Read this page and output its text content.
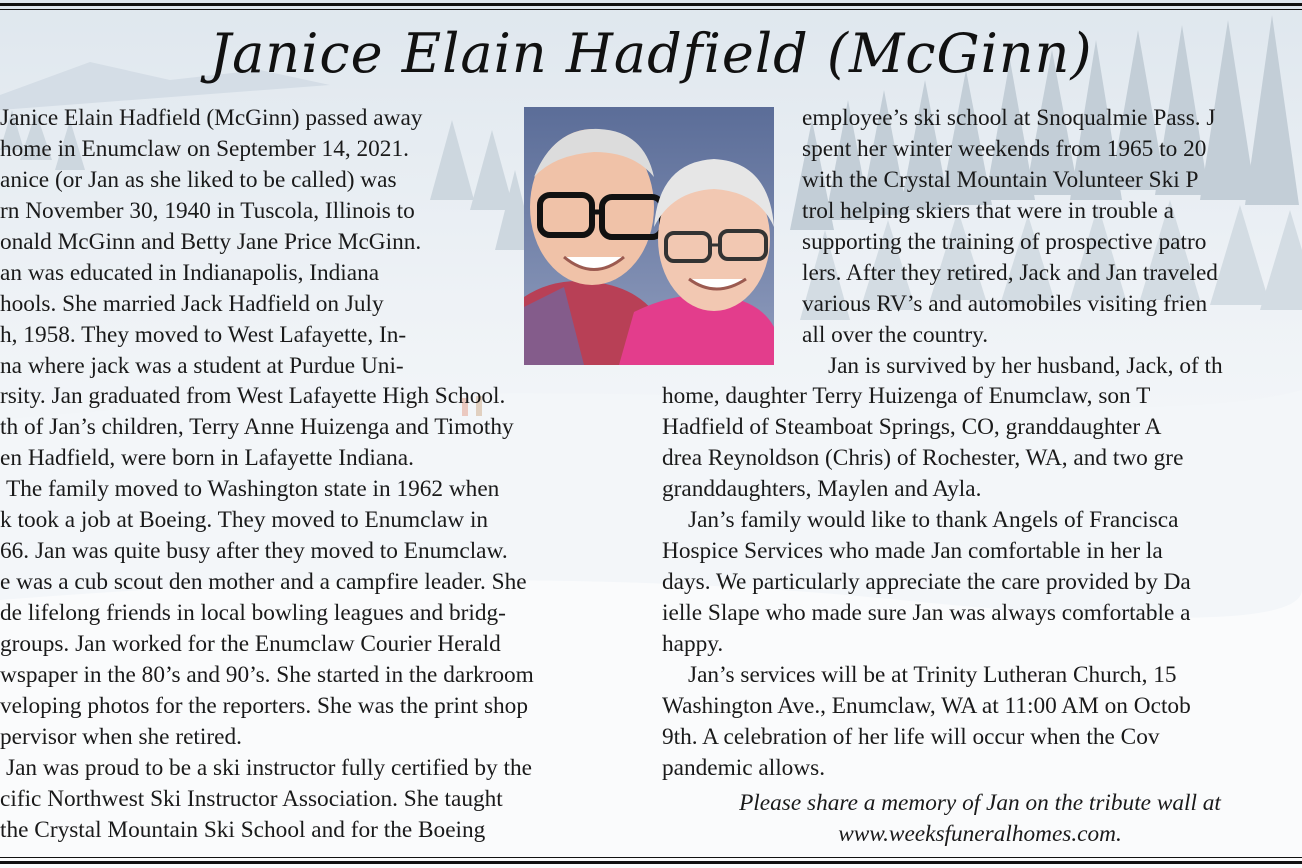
Janice Elain Hadfield (McGinn)
Janice Elain Hadfield (McGinn) passed away
home in Enumclaw on September 14, 2021.
anice (or Jan as she liked to be called) was
rn November 30, 1940 in Tuscola, Illinois to
onald McGinn and Betty Jane Price McGinn.
an was educated in Indianapolis, Indiana
hools. She married Jack Hadfield on July
h, 1958. They moved to West Lafayette, In-
na where jack was a student at Purdue Uni-
rsity. Jan graduated from West Lafayette High School.
th of Jan’s children, Terry Anne Huizenga and Timothy
en Hadfield, were born in Lafayette Indiana.
The family moved to Washington state in 1962 when
k took a job at Boeing. They moved to Enumclaw in
66. Jan was quite busy after they moved to Enumclaw.
e was a cub scout den mother and a campfire leader. She
de lifelong friends in local bowling leagues and bridg-
groups. Jan worked for the Enumclaw Courier Herald
wspaper in the 80’s and 90’s. She started in the darkroom
veloping photos for the reporters. She was the print shop
pervisor when she retired.
Jan was proud to be a ski instructor fully certified by the
cific Northwest Ski Instructor Association. She taught
the Crystal Mountain Ski School and for the Boeing
employee’s ski school at Snoqualmie Pass. J
spent her winter weekends from 1965 to 20
with the Crystal Mountain Volunteer Ski P
trol helping skiers that were in trouble a
supporting the training of prospective patro
lers. After they retired, Jack and Jan traveled
various RV’s and automobiles visiting frien
all over the country.
Jan is survived by her husband, Jack, of th
home, daughter Terry Huizenga of Enumclaw, son T
Hadfield of Steamboat Springs, CO, granddaughter A
drea Reynoldson (Chris) of Rochester, WA, and two gre
granddaughters, Maylen and Ayla.
Jan’s family would like to thank Angels of Francisca
Hospice Services who made Jan comfortable in her la
days. We particularly appreciate the care provided by Da
ielle Slape who made sure Jan was always comfortable a
happy.
Jan’s services will be at Trinity Lutheran Church, 15
Washington Ave., Enumclaw, WA at 11:00 AM on Octob
9th. A celebration of her life will occur when the Cov
pandemic allows.
Please share a memory of Jan on the tribute wall at
www.weeksfuneralhomes.com.
